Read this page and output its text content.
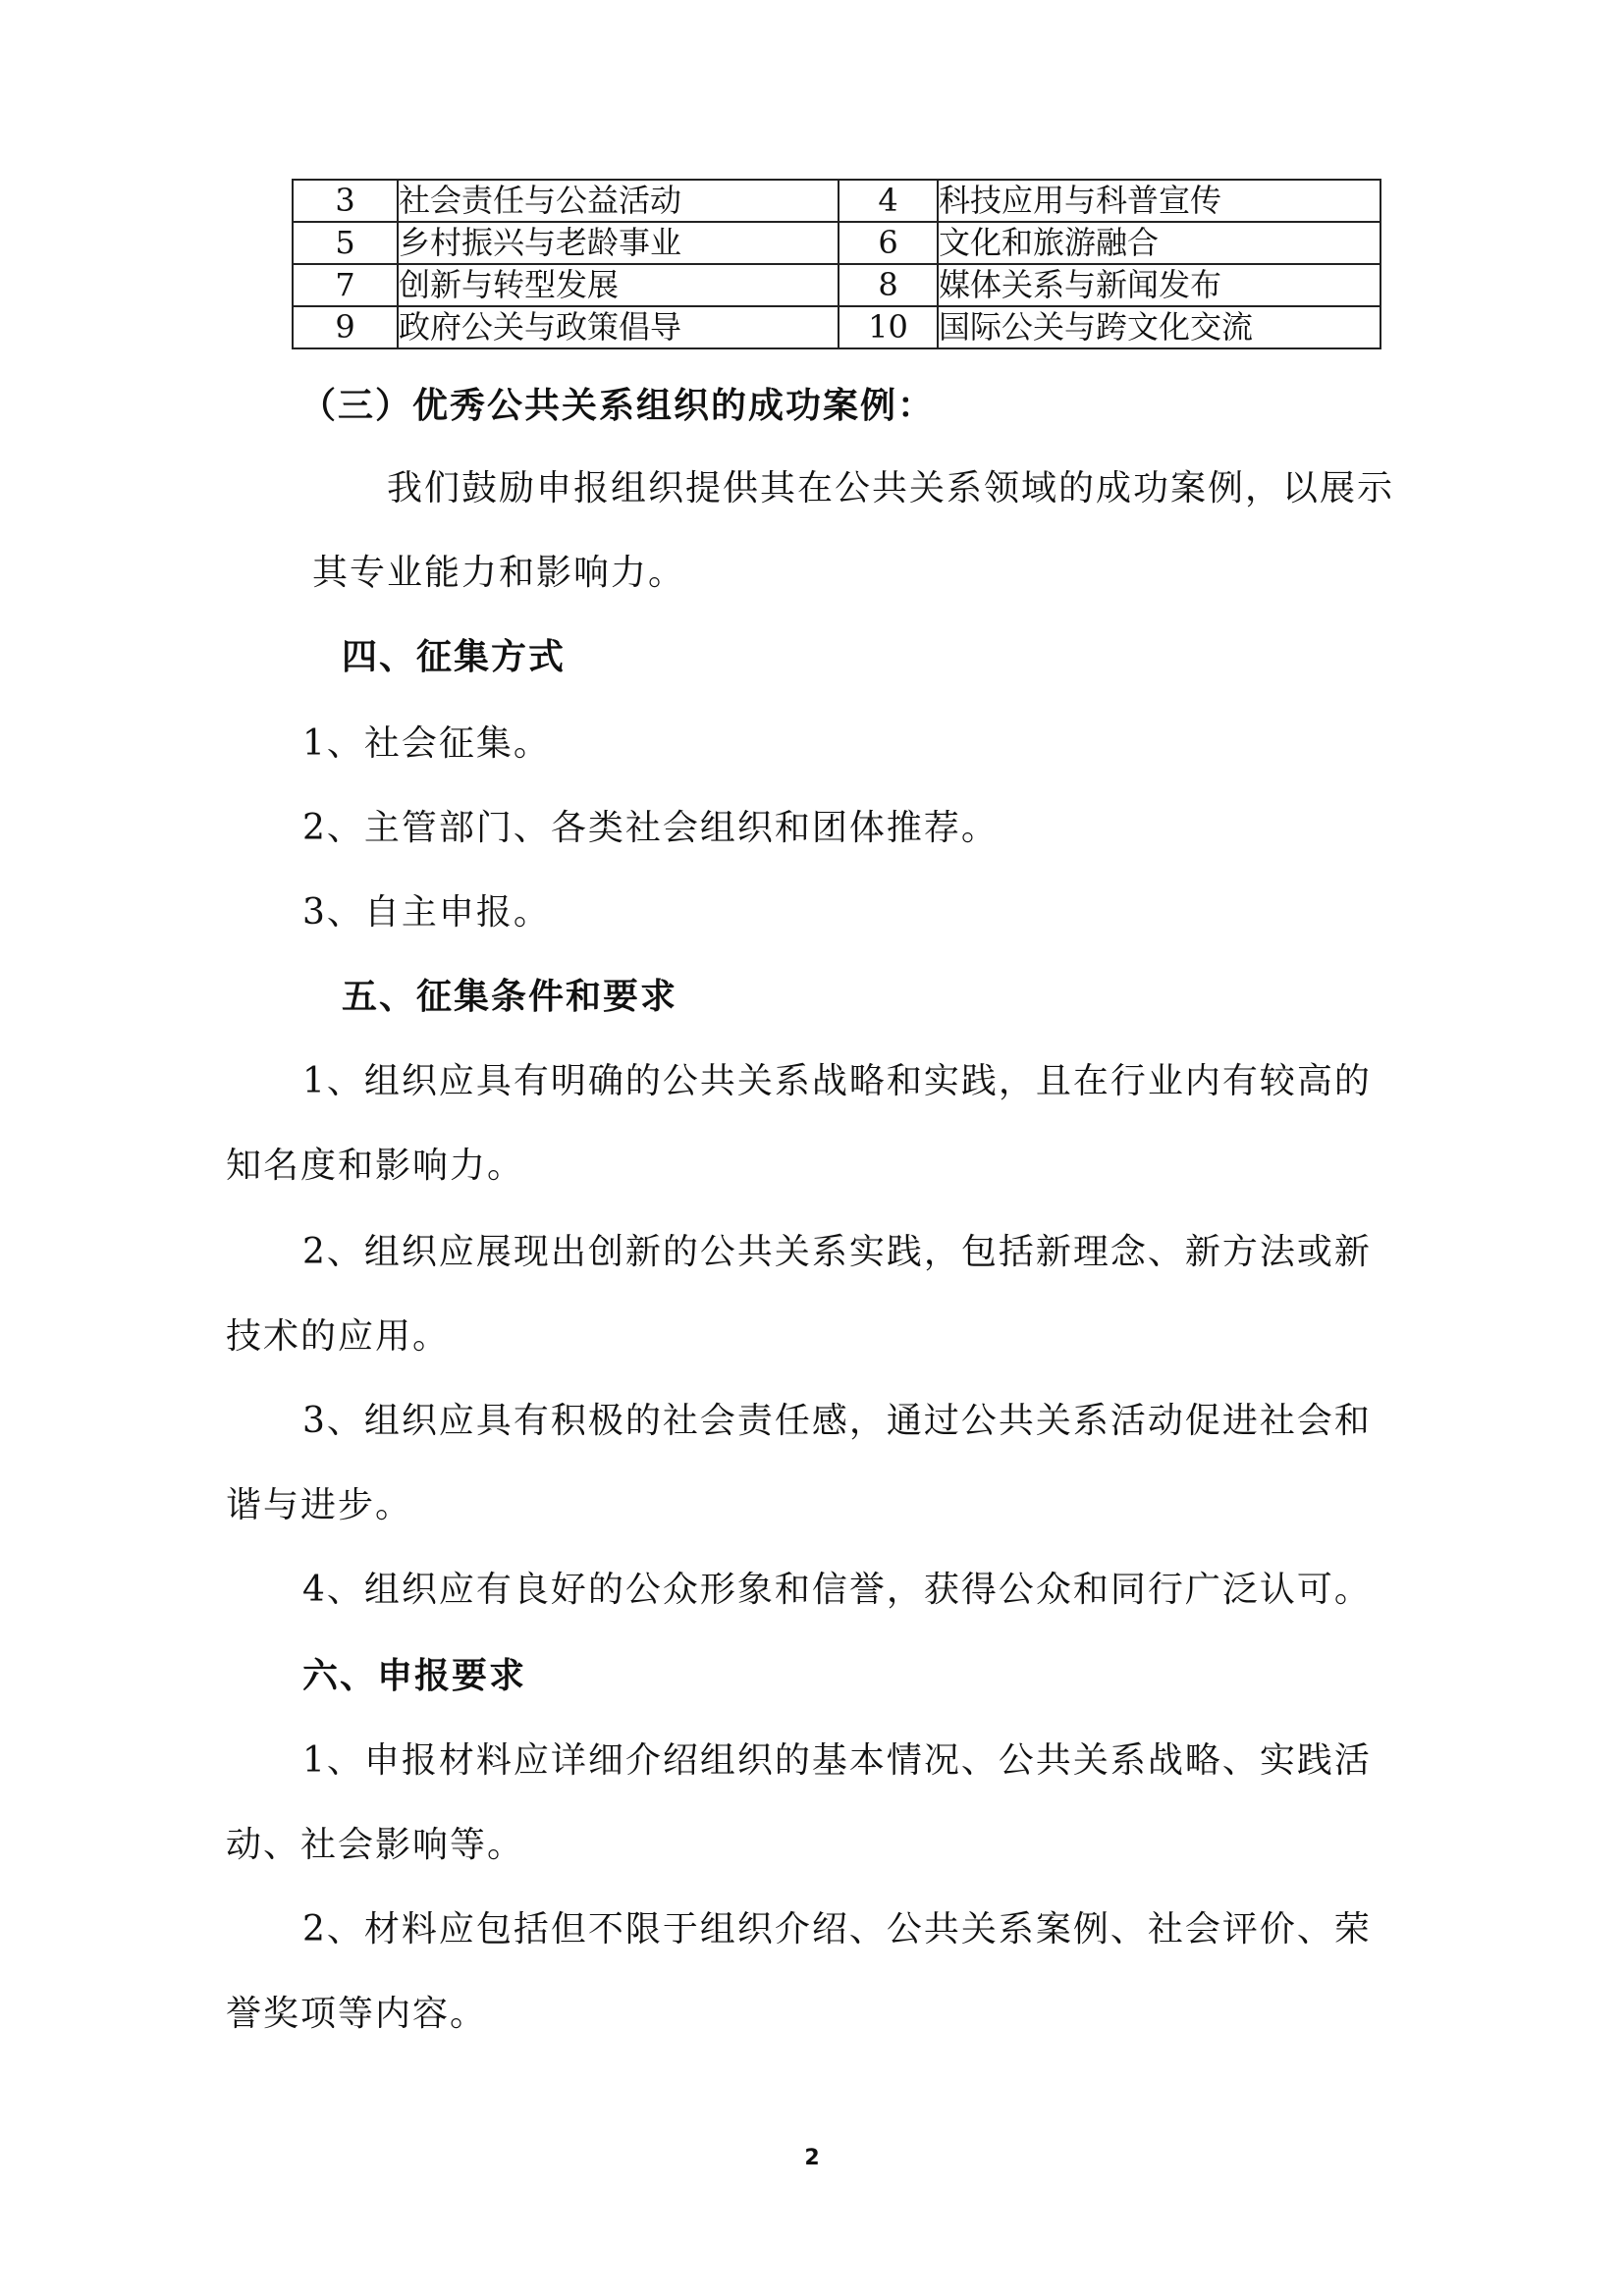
3	社会责任与公益活动	4	科技应用与科普宣传
5	乡村振兴与老龄事业	6	文化和旅游融合
7	创新与转型发展	8	媒体关系与新闻发布
9	政府公关与政策倡导	10	国际公关与跨文化交流
（三）优秀公共关系组织的成功案例：
我们鼓励申报组织提供其在公共关系领域的成功案例，以展示
其专业能力和影响力。
四、征集方式
1、社会征集。
2、主管部门、各类社会组织和团体推荐。
3、自主申报。
五、征集条件和要求
1、组织应具有明确的公共关系战略和实践，且在行业内有较高的
知名度和影响力。
2、组织应展现出创新的公共关系实践，包括新理念、新方法或新
技术的应用。
3、组织应具有积极的社会责任感，通过公共关系活动促进社会和
谐与进步。
4、组织应有良好的公众形象和信誉，获得公众和同行广泛认可。
六、申报要求
1、申报材料应详细介绍组织的基本情况、公共关系战略、实践活
动、社会影响等。
2、材料应包括但不限于组织介绍、公共关系案例、社会评价、荣
誉奖项等内容。
2
